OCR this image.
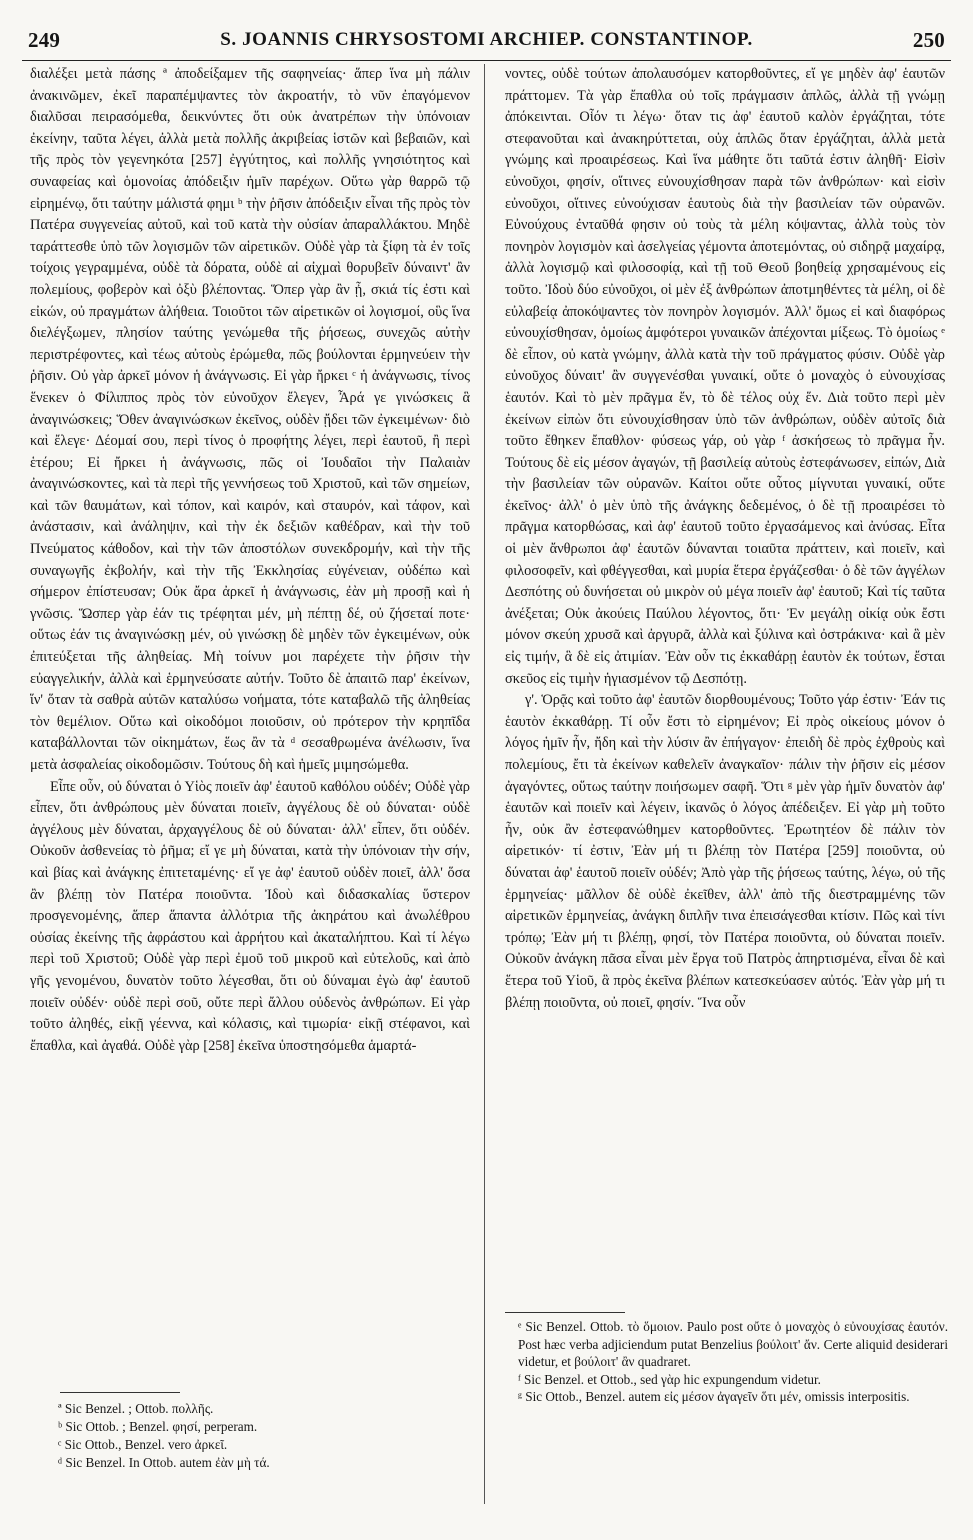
249	S. JOANNIS CHRYSOSTOMI ARCHIEP. CONSTANTINOP.	250

διαλέξει μετὰ πάσης ª ἀποδείξαμεν τῆς σαφηνείας· ἅπερ ἵνα μὴ πάλιν ἀνακινῶμεν, ἐκεῖ παραπέμψαντες τὸν ἀκροατήν, τὸ νῦν ἐπαγόμενον διαλῦσαι πειρασόμεθα, δεικνύντες ὅτι οὐκ ἀνατρέπων τὴν ὑπόνοιαν ἐκείνην, ταῦτα λέγει, ἀλλὰ μετὰ πολλῆς ἀκριβείας ἱστῶν καὶ βεβαιῶν, καὶ τῆς πρὸς τὸν γεγενηκότα [257] ἐγγύτητος, καὶ πολλῆς γνησιότητος καὶ συναφείας καὶ ὁμονοίας ἀπόδειξιν ἡμῖν παρέχων. Οὕτω γὰρ θαρρῶ τῷ εἰρημένῳ, ὅτι ταύτην μάλιστά φημι ᵇ τὴν ῥῆσιν ἀπόδειξιν εἶναι τῆς πρὸς τὸν Πατέρα συγγενείας αὐτοῦ, καὶ τοῦ κατὰ τὴν οὐσίαν ἀπαραλλάκτου. Μηδὲ ταράττεσθε ὑπὸ τῶν λογισμῶν τῶν αἱρετικῶν. Οὐδὲ γὰρ τὰ ξίφη τὰ ἐν τοῖς τοίχοις γεγραμμένα, οὐδὲ τὰ δόρατα, οὐδὲ αἱ αἰχμαὶ θορυβεῖν δύναιντ' ἂν πολεμίους, φοβερὸν καὶ ὀξὺ βλέποντας. Ὅπερ γὰρ ἂν ᾖ, σκιά τίς ἐστι καὶ εἰκών, οὐ πραγμάτων ἀλήθεια. Τοιοῦτοι τῶν αἱρετικῶν οἱ λογισμοί, οὓς ἵνα διελέγξωμεν, πλησίον ταύτης γενώμεθα τῆς ῥήσεως, συνεχῶς αὐτὴν περιστρέφοντες, καὶ τέως αὐτοὺς ἐρώμεθα, πῶς βούλονται ἑρμηνεύειν τὴν ῥῆσιν. Οὐ γὰρ ἀρκεῖ μόνον ἡ ἀνάγνωσις. Εἰ γὰρ ἤρκει ᶜ ἡ ἀνάγνωσις, τίνος ἕνεκεν ὁ Φίλιππος πρὸς τὸν εὐνοῦχον ἔλεγεν, Ἆρά γε γινώσκεις ἃ ἀναγινώσκεις; Ὅθεν ἀναγινώσκων ἐκεῖνος, οὐδὲν ᾔδει τῶν ἐγκειμένων· διὸ καὶ ἔλεγε· Δέομαί σου, περὶ τίνος ὁ προφήτης λέγει, περὶ ἑαυτοῦ, ἢ περὶ ἑτέρου; Εἰ ἤρκει ἡ ἀνάγνωσις, πῶς οἱ Ἰουδαῖοι τὴν Παλαιὰν ἀναγινώσκοντες, καὶ τὰ περὶ τῆς γεννήσεως τοῦ Χριστοῦ, καὶ τῶν σημείων, καὶ τῶν θαυμάτων, καὶ τόπον, καὶ καιρόν, καὶ σταυρόν, καὶ τάφον, καὶ ἀνάστασιν, καὶ ἀνάληψιν, καὶ τὴν ἐκ δεξιῶν καθέδραν, καὶ τὴν τοῦ Πνεύματος κάθοδον, καὶ τὴν τῶν ἀποστόλων συνεκδρομήν, καὶ τὴν τῆς συναγωγῆς ἐκβολήν, καὶ τὴν τῆς Ἐκκλησίας εὐγένειαν, οὐδέπω καὶ σήμερον ἐπίστευσαν; Οὐκ ἄρα ἀρκεῖ ἡ ἀνάγνωσις, ἐὰν μὴ προσῇ καὶ ἡ γνῶσις. Ὥσπερ γὰρ ἐάν τις τρέφηται μέν, μὴ πέπτῃ δέ, οὐ ζήσεταί ποτε· οὕτως ἐάν τις ἀναγινώσκῃ μέν, οὐ γινώσκῃ δὲ μηδὲν τῶν ἐγκειμένων, οὐκ ἐπιτεύξεται τῆς ἀληθείας. Μὴ τοίνυν μοι παρέχετε τὴν ῥῆσιν τὴν εὐαγγελικήν, ἀλλὰ καὶ ἑρμηνεύσατε αὐτήν. Τοῦτο δὲ ἀπαιτῶ παρ' ἐκείνων, ἵν' ὅταν τὰ σαθρὰ αὐτῶν καταλύσω νοήματα, τότε καταβαλῶ τῆς ἀληθείας τὸν θεμέλιον. Οὕτω καὶ οἰκοδόμοι ποιοῦσιν, οὐ πρότερον τὴν κρηπῖδα καταβάλλονται τῶν οἰκημάτων, ἕως ἂν τὰ ᵈ σεσαθρωμένα ἀνέλωσιν, ἵνα μετὰ ἀσφαλείας οἰκοδομῶσιν. Τούτους δὴ καὶ ἡμεῖς μιμησώμεθα.

Εἶπε οὖν, οὐ δύναται ὁ Υἱὸς ποιεῖν ἀφ' ἑαυτοῦ καθόλου οὐδέν; Οὐδὲ γὰρ εἶπεν, ὅτι ἀνθρώπους μὲν δύναται ποιεῖν, ἀγγέλους δὲ οὐ δύναται· οὐδὲ ἀγγέλους μὲν δύναται, ἀρχαγγέλους δὲ οὐ δύναται· ἀλλ' εἶπεν, ὅτι οὐδέν. Οὐκοῦν ἀσθενείας τὸ ῥῆμα; εἴ γε μὴ δύναται, κατὰ τὴν ὑπόνοιαν τὴν σήν, καὶ βίας καὶ ἀνάγκης ἐπιτεταμένης· εἴ γε ἀφ' ἑαυτοῦ οὐδὲν ποιεῖ, ἀλλ' ὅσα ἂν βλέπῃ τὸν Πατέρα ποιοῦντα. Ἰδοὺ καὶ διδασκαλίας ὕστερον προσγενομένης, ἅπερ ἅπαντα ἀλλότρια τῆς ἀκηράτου καὶ ἀνωλέθρου οὐσίας ἐκείνης τῆς ἀφράστου καὶ ἀρρήτου καὶ ἀκαταλήπτου. Καὶ τί λέγω περὶ τοῦ Χριστοῦ; Οὐδὲ γὰρ περὶ ἐμοῦ τοῦ μικροῦ καὶ εὐτελοῦς, καὶ ἀπὸ γῆς γενομένου, δυνατὸν τοῦτο λέγεσθαι, ὅτι οὐ δύναμαι ἐγὼ ἀφ' ἑαυτοῦ ποιεῖν οὐδέν· οὐδὲ περὶ σοῦ, οὔτε περὶ ἄλλου οὐδενὸς ἀνθρώπων. Εἰ γὰρ τοῦτο ἀληθές, εἰκῇ γέεννα, καὶ κόλασις, καὶ τιμωρία· εἰκῇ στέφανοι, καὶ ἔπαθλα, καὶ ἀγαθά. Οὐδὲ γὰρ [258] ἐκεῖνα ὑποστησόμεθα ἁμαρτά-

νοντες, οὐδὲ τούτων ἀπολαυσόμεν κατορθοῦντες, εἴ γε μηδὲν ἀφ' ἑαυτῶν πράττομεν. Τὰ γὰρ ἔπαθλα οὐ τοῖς πράγμασιν ἁπλῶς, ἀλλὰ τῇ γνώμῃ ἀπόκεινται. Οἷόν τι λέγω· ὅταν τις ἀφ' ἑαυτοῦ καλὸν ἐργάζηται, τότε στεφανοῦται καὶ ἀνακηρύττεται, οὐχ ἁπλῶς ὅταν ἐργάζηται, ἀλλὰ μετὰ γνώμης καὶ προαιρέσεως. Καὶ ἵνα μάθητε ὅτι ταῦτά ἐστιν ἀληθῆ· Εἰσὶν εὐνοῦχοι, φησίν, οἵτινες εὐνουχίσθησαν παρὰ τῶν ἀνθρώπων· καὶ εἰσὶν εὐνοῦχοι, οἵτινες εὐνούχισαν ἑαυτοὺς διὰ τὴν βασιλείαν τῶν οὐρανῶν. Εὐνούχους ἐνταῦθά φησιν οὐ τοὺς τὰ μέλη κόψαντας, ἀλλὰ τοὺς τὸν πονηρὸν λογισμὸν καὶ ἀσελγείας γέμοντα ἀποτεμόντας, οὐ σιδηρᾷ μαχαίρᾳ, ἀλλὰ λογισμῷ καὶ φιλοσοφίᾳ, καὶ τῇ τοῦ Θεοῦ βοηθείᾳ χρησαμένους εἰς τοῦτο. Ἰδοὺ δύο εὐνοῦχοι, οἱ μὲν ἐξ ἀνθρώπων ἀποτμηθέντες τὰ μέλη, οἱ δὲ εὐλαβείᾳ ἀποκόψαντες τὸν πονηρὸν λογισμόν. Ἀλλ' ὅμως εἰ καὶ διαφόρως εὐνουχίσθησαν, ὁμοίως ἀμφότεροι γυναικῶν ἀπέχονται μίξεως. Τὸ ὁμοίως ᵉ δὲ εἶπον, οὐ κατὰ γνώμην, ἀλλὰ κατὰ τὴν τοῦ πράγματος φύσιν. Οὐδὲ γὰρ εὐνοῦχος δύναιτ' ἂν συγγενέσθαι γυναικί, οὔτε ὁ μοναχὸς ὁ εὐνουχίσας ἑαυτόν. Καὶ τὸ μὲν πρᾶγμα ἕν, τὸ δὲ τέλος οὐχ ἕν. Διὰ τοῦτο περὶ μὲν ἐκείνων εἰπὼν ὅτι εὐνουχίσθησαν ὑπὸ τῶν ἀνθρώπων, οὐδὲν αὐτοῖς διὰ τοῦτο ἔθηκεν ἔπαθλον· φύσεως γάρ, οὐ γὰρ ᶠ ἀσκήσεως τὸ πρᾶγμα ἦν. Τούτους δὲ εἰς μέσον ἀγαγών, τῇ βασιλείᾳ αὐτοὺς ἐστεφάνωσεν, εἰπών, Διὰ τὴν βασιλείαν τῶν οὐρανῶν. Καίτοι οὔτε οὗτος μίγνυται γυναικί, οὔτε ἐκεῖνος· ἀλλ' ὁ μὲν ὑπὸ τῆς ἀνάγκης δεδεμένος, ὁ δὲ τῇ προαιρέσει τὸ πρᾶγμα κατορθώσας, καὶ ἀφ' ἑαυτοῦ τοῦτο ἐργασάμενος καὶ ἀνύσας. Εἶτα οἱ μὲν ἄνθρωποι ἀφ' ἑαυτῶν δύνανται τοιαῦτα πράττειν, καὶ ποιεῖν, καὶ φιλοσοφεῖν, καὶ φθέγγεσθαι, καὶ μυρία ἕτερα ἐργάζεσθαι· ὁ δὲ τῶν ἀγγέλων Δεσπότης οὐ δυνήσεται οὐ μικρὸν οὐ μέγα ποιεῖν ἀφ' ἑαυτοῦ; Καὶ τίς ταῦτα ἀνέξεται; Οὐκ ἀκούεις Παύλου λέγοντος, ὅτι· Ἐν μεγάλῃ οἰκίᾳ οὐκ ἔστι μόνον σκεύη χρυσᾶ καὶ ἀργυρᾶ, ἀλλὰ καὶ ξύλινα καὶ ὀστράκινα· καὶ ἃ μὲν εἰς τιμήν, ἃ δὲ εἰς ἀτιμίαν. Ἐὰν οὖν τις ἐκκαθάρῃ ἑαυτὸν ἐκ τούτων, ἔσται σκεῦος εἰς τιμὴν ἡγιασμένον τῷ Δεσπότῃ.

γ'. Ὁρᾷς καὶ τοῦτο ἀφ' ἑαυτῶν διορθουμένους; Τοῦτο γάρ ἐστιν· Ἐάν τις ἑαυτὸν ἐκκαθάρῃ. Τί οὖν ἔστι τὸ εἰρημένον; Εἰ πρὸς οἰκείους μόνον ὁ λόγος ἡμῖν ἦν, ἤδη καὶ τὴν λύσιν ἂν ἐπήγαγον· ἐπειδὴ δὲ πρὸς ἐχθροὺς καὶ πολεμίους, ἔτι τὰ ἐκείνων καθελεῖν ἀναγκαῖον· πάλιν τὴν ῥῆσιν εἰς μέσον ἀγαγόντες, οὕτως ταύτην ποιήσωμεν σαφῆ. Ὅτι ᵍ μὲν γὰρ ἡμῖν δυνατὸν ἀφ' ἑαυτῶν καὶ ποιεῖν καὶ λέγειν, ἱκανῶς ὁ λόγος ἀπέδειξεν. Εἰ γὰρ μὴ τοῦτο ἦν, οὐκ ἂν ἐστεφανώθημεν κατορθοῦντες. Ἐρωτητέον δὲ πάλιν τὸν αἱρετικόν· τί ἐστιν, Ἐὰν μή τι βλέπῃ τὸν Πατέρα [259] ποιοῦντα, οὐ δύναται ἀφ' ἑαυτοῦ ποιεῖν οὐδέν; Ἀπὸ γὰρ τῆς ῥήσεως ταύτης, λέγω, οὐ τῆς ἑρμηνείας· μᾶλλον δὲ οὐδὲ ἐκεῖθεν, ἀλλ' ἀπὸ τῆς διεστραμμένης τῶν αἱρετικῶν ἑρμηνείας, ἀνάγκη διπλῆν τινα ἐπεισάγεσθαι κτίσιν. Πῶς καὶ τίνι τρόπῳ; Ἐὰν μή τι βλέπῃ, φησί, τὸν Πατέρα ποιοῦντα, οὐ δύναται ποιεῖν. Οὐκοῦν ἀνάγκη πᾶσα εἶναι μὲν ἔργα τοῦ Πατρὸς ἀπηρτισμένα, εἶναι δὲ καὶ ἕτερα τοῦ Υἱοῦ, ἃ πρὸς ἐκεῖνα βλέπων κατεσκεύασεν αὐτός. Ἐὰν γὰρ μή τι βλέπῃ ποιοῦντα, οὐ ποιεῖ, φησίν. Ἵνα οὖν

ª Sic Benzel. ; Ottob. πολλῆς.
ᵇ Sic Ottob. ; Benzel. φησί, perperam.
ᶜ Sic Ottob., Benzel. vero ἀρκεῖ.
ᵈ Sic Benzel. In Ottob. autem ἐὰν μὴ τά.
ᵉ Sic Benzel. Ottob. τὸ ὅμοιον. Paulo post οὔτε ὁ μοναχὸς ὁ εὐνουχίσας ἑαυτόν. Post hæc verba adjiciendum putat Benzelius βούλοιτ' ἄν. Certe aliquid desiderari videtur, et βούλοιτ' ἂν quadraret.
ᶠ Sic Benzel. et Ottob., sed γὰρ hic expungendum videtur.
ᵍ Sic Ottob., Benzel. autem εἰς μέσον ἀγαγεῖν ὅτι μέν, omissis interpositis.
